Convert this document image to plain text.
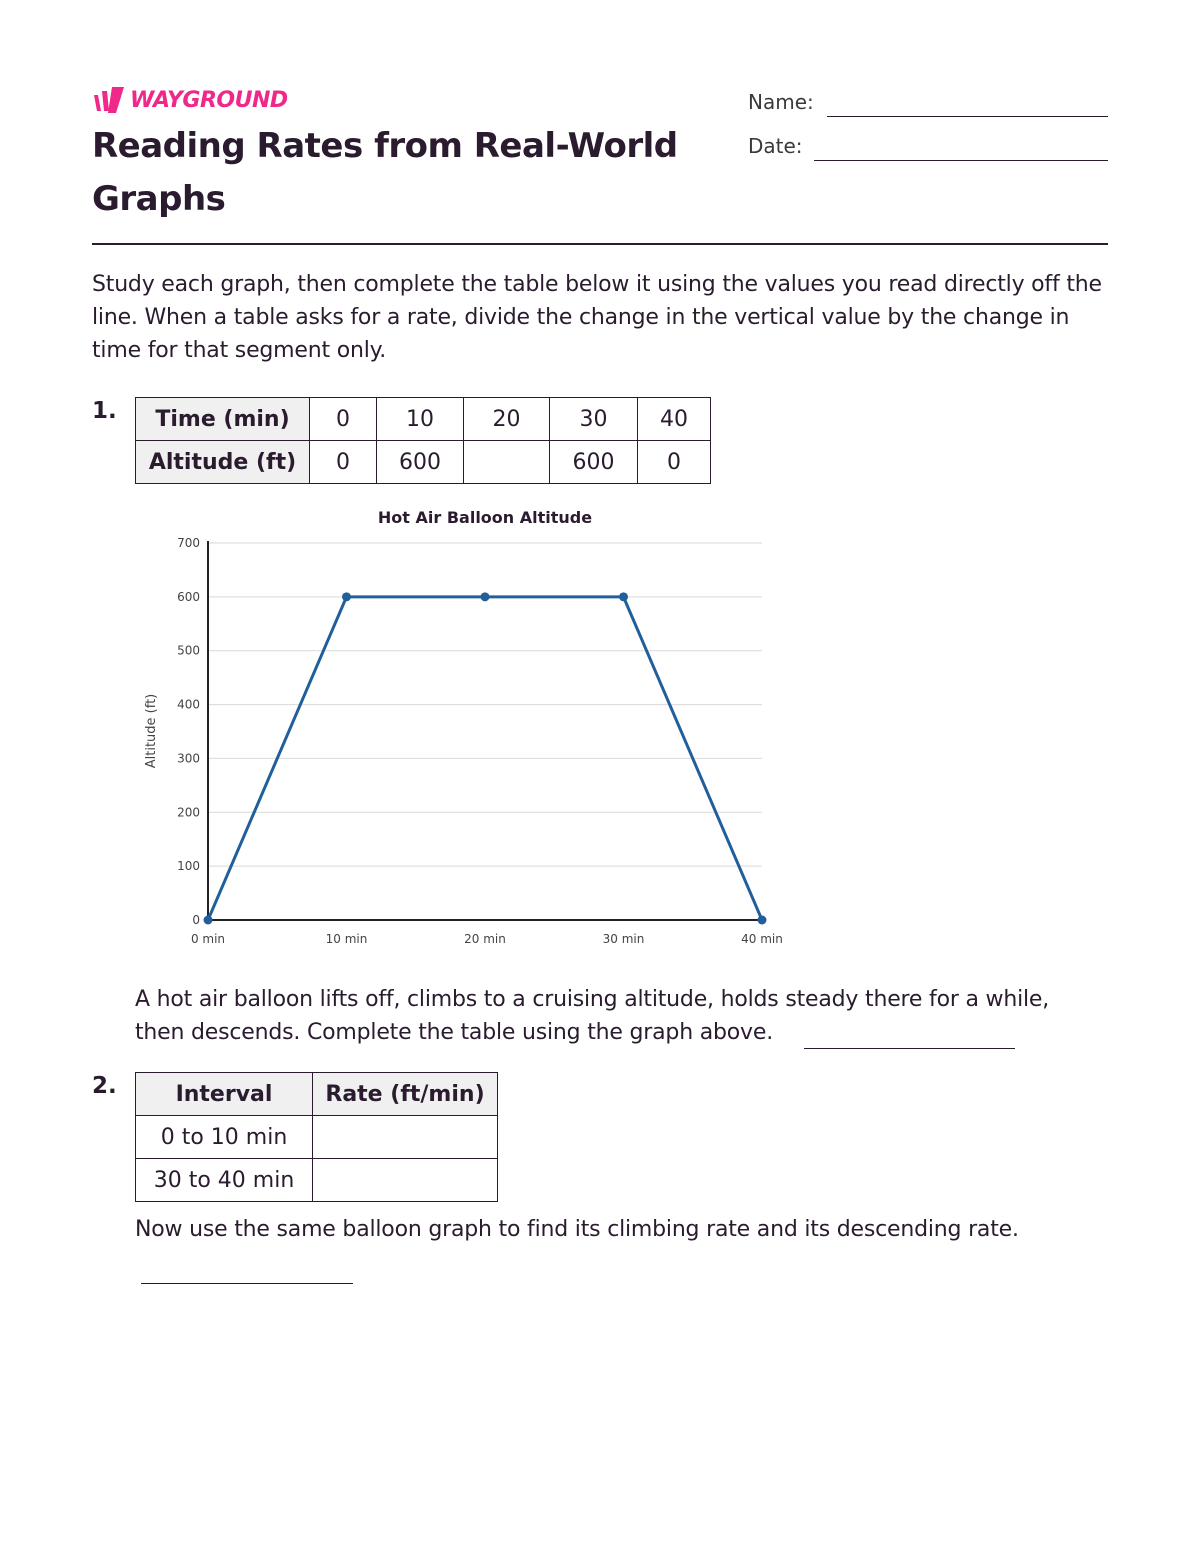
WAYGROUND
Reading Rates from Real-World Graphs
Name:
Date:

Study each graph, then complete the table below it using the values you read directly off the line. When a table asks for a rate, divide the change in the vertical value by the change in time for that segment only.

1. Time (min)	0	10	20	30	40
Altitude (ft)	0	600		600	0
Hot Air Balloon Altitude
Altitude (ft)
0
100
200
300
400
500
600
700
0 min	10 min	20 min	30 min	40 min

A hot air balloon lifts off, climbs to a cruising altitude, holds steady there for a while, then descends. Complete the table using the graph above.

2.	Interval	Rate (ft/min)
0 to 10 min	
30 to 40 min	
Now use the same balloon graph to find its climbing rate and its descending rate.
